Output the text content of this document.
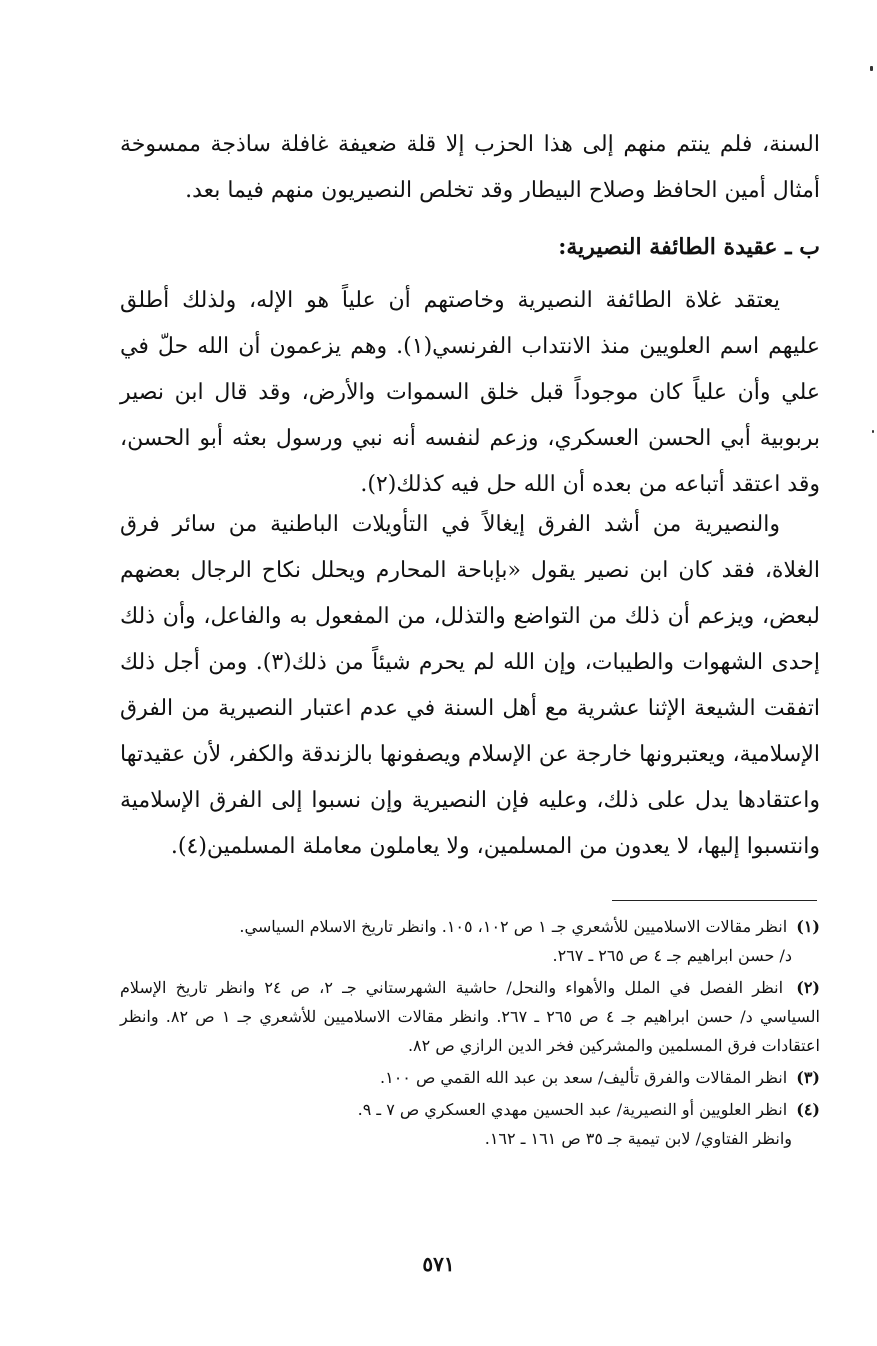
السنة، فلم ينتم منهم إلى هذا الحزب إلا قلة ضعيفة غافلة ساذجة ممسوخة أمثال أمين الحافظ وصلاح البيطار وقد تخلص النصيريون منهم فيما بعد.

ب ـ عقيدة الطائفة النصيرية:

يعتقد غلاة الطائفة النصيرية وخاصتهم أن علياً هو الإله، ولذلك أطلق عليهم اسم العلويين منذ الانتداب الفرنسي(١). وهم يزعمون أن الله حلّ في علي وأن علياً كان موجوداً قبل خلق السموات والأرض، وقد قال ابن نصير بربوبية أبي الحسن العسكري، وزعم لنفسه أنه نبي ورسول بعثه أبو الحسن، وقد اعتقد أتباعه من بعده أن الله حل فيه كذلك(٢).

والنصيرية من أشد الفرق إيغالاً في التأويلات الباطنية من سائر فرق الغلاة، فقد كان ابن نصير يقول «بإباحة المحارم ويحلل نكاح الرجال بعضهم لبعض، ويزعم أن ذلك من التواضع والتذلل، من المفعول به والفاعل، وأن ذلك إحدى الشهوات والطيبات، وإن الله لم يحرم شيئاً من ذلك(٣). ومن أجل ذلك اتفقت الشيعة الإثنا عشرية مع أهل السنة في عدم اعتبار النصيرية من الفرق الإسلامية، ويعتبرونها خارجة عن الإسلام ويصفونها بالزندقة والكفر، لأن عقيدتها واعتقادها يدل على ذلك، وعليه فإن النصيرية وإن نسبوا إلى الفرق الإسلامية وانتسبوا إليها، لا يعدون من المسلمين، ولا يعاملون معاملة المسلمين(٤).

(١) انظر مقالات الاسلاميين للأشعري جـ ١ ص ١٠٢، ١٠٥. وانظر تاريخ الاسلام السياسي.
د/ حسن ابراهيم جـ ٤ ص ٢٦٥ ـ ٢٦٧.
(٢) انظر الفصل في الملل والأهواء والنحل/ حاشية الشهرستاني جـ ٢، ص ٢٤ وانظر تاريخ الإسلام السياسي د/ حسن ابراهيم جـ ٤ ص ٢٦٥ ـ ٢٦٧. وانظر مقالات الاسلاميين للأشعري جـ ١ ص ٨٢. وانظر اعتقادات فرق المسلمين والمشركين فخر الدين الرازي ص ٨٢.
(٣) انظر المقالات والفرق تأليف/ سعد بن عبد الله القمي ص ١٠٠.
(٤) انظر العلويين أو النصيرية/ عبد الحسين مهدي العسكري ص ٧ ـ ٩.
وانظر الفتاوي/ لابن تيمية جـ ٣٥ ص ١٦١ ـ ١٦٢.
٥٧١
